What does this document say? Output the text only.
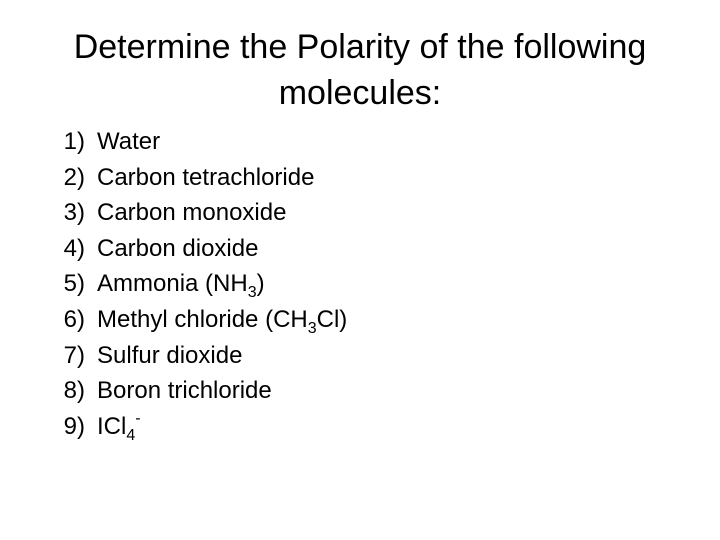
Determine the Polarity of the following
molecules:
1) Water
2) Carbon tetrachloride
3) Carbon monoxide
4) Carbon dioxide
5) Ammonia $(NH_3)$
6) Methyl chloride $(CH_3Cl)$
7) Sulfur dioxide
8) Boron trichloride
9) ICl$_4$-
